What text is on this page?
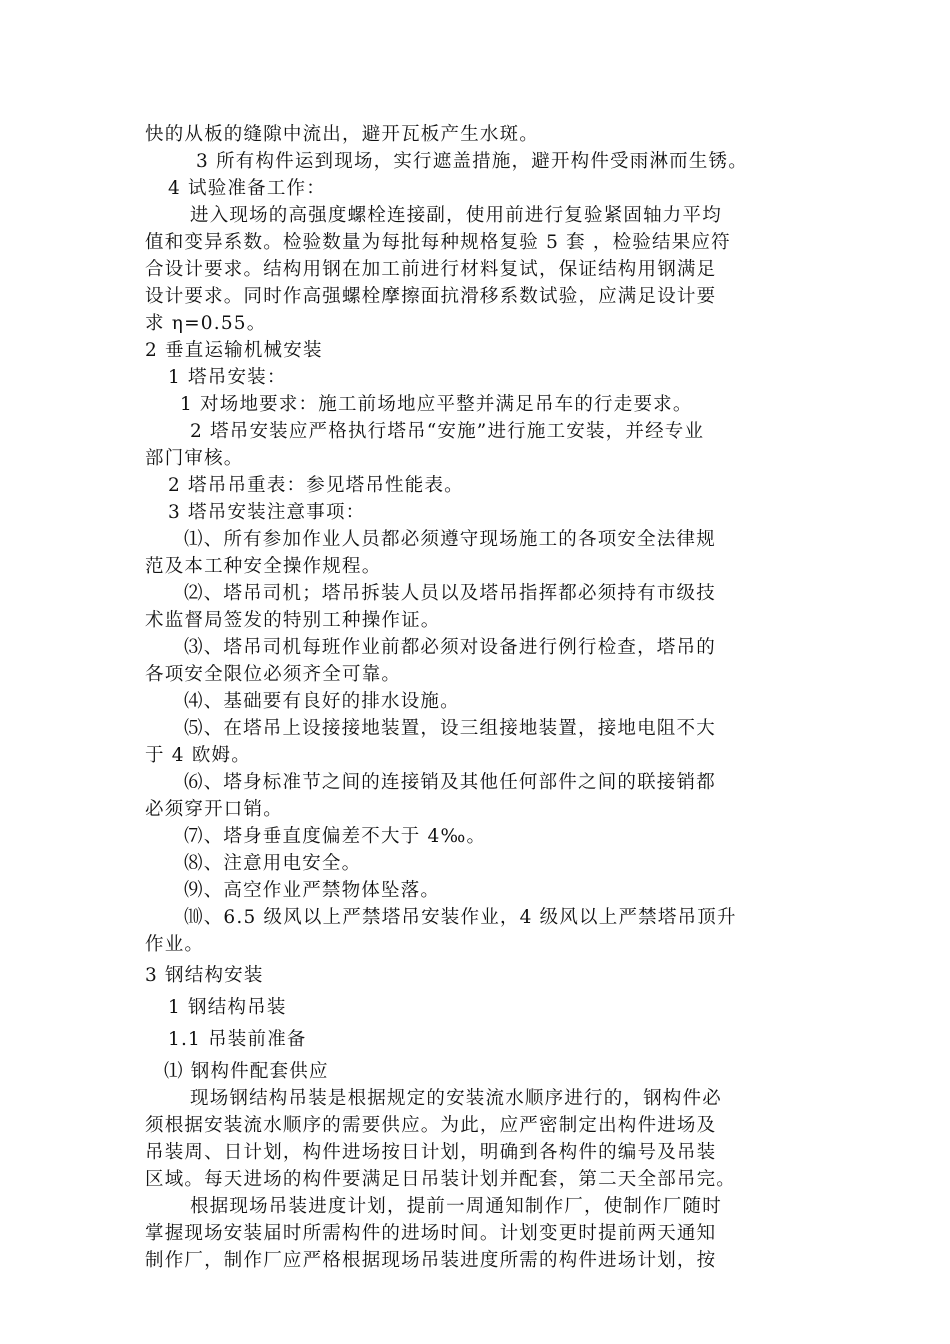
快的从板的缝隙中流出，避开瓦板产生水斑。
3 所有构件运到现场，实行遮盖措施，避开构件受雨淋而生锈。
4 试验准备工作：
进入现场的高强度螺栓连接副，使用前进行复验紧固轴力平均
值和变异系数。检验数量为每批每种规格复验 5 套 ，检验结果应符
合设计要求。结构用钢在加工前进行材料复试，保证结构用钢满足
设计要求。同时作高强螺栓摩擦面抗滑移系数试验，应满足设计要
求 η=0.55。
2 垂直运输机械安装
1 塔吊安装：
1 对场地要求：施工前场地应平整并满足吊车的行走要求。
2 塔吊安装应严格执行塔吊“安施”进行施工安装，并经专业
部门审核。
2 塔吊吊重表：参见塔吊性能表。
3 塔吊安装注意事项：
⑴、所有参加作业人员都必须遵守现场施工的各项安全法律规
范及本工种安全操作规程。
⑵、塔吊司机；塔吊拆装人员以及塔吊指挥都必须持有市级技
术监督局签发的特别工种操作证。
⑶、塔吊司机每班作业前都必须对设备进行例行检查，塔吊的
各项安全限位必须齐全可靠。
⑷、基础要有良好的排水设施。
⑸、在塔吊上设接接地装置，设三组接地装置，接地电阻不大
于 4 欧姆。
⑹、塔身标准节之间的连接销及其他任何部件之间的联接销都
必须穿开口销。
⑺、塔身垂直度偏差不大于 4‰。
⑻、注意用电安全。
⑼、高空作业严禁物体坠落。
⑽、6.5 级风以上严禁塔吊安装作业，4 级风以上严禁塔吊顶升
作业。
3 钢结构安装
1 钢结构吊装
1.1 吊装前准备
⑴ 钢构件配套供应
现场钢结构吊装是根据规定的安装流水顺序进行的，钢构件必
须根据安装流水顺序的需要供应。为此，应严密制定出构件进场及
吊装周、日计划，构件进场按日计划，明确到各构件的编号及吊装
区域。每天进场的构件要满足日吊装计划并配套，第二天全部吊完。
根据现场吊装进度计划，提前一周通知制作厂，使制作厂随时
掌握现场安装届时所需构件的进场时间。计划变更时提前两天通知
制作厂，制作厂应严格根据现场吊装进度所需的构件进场计划，按
